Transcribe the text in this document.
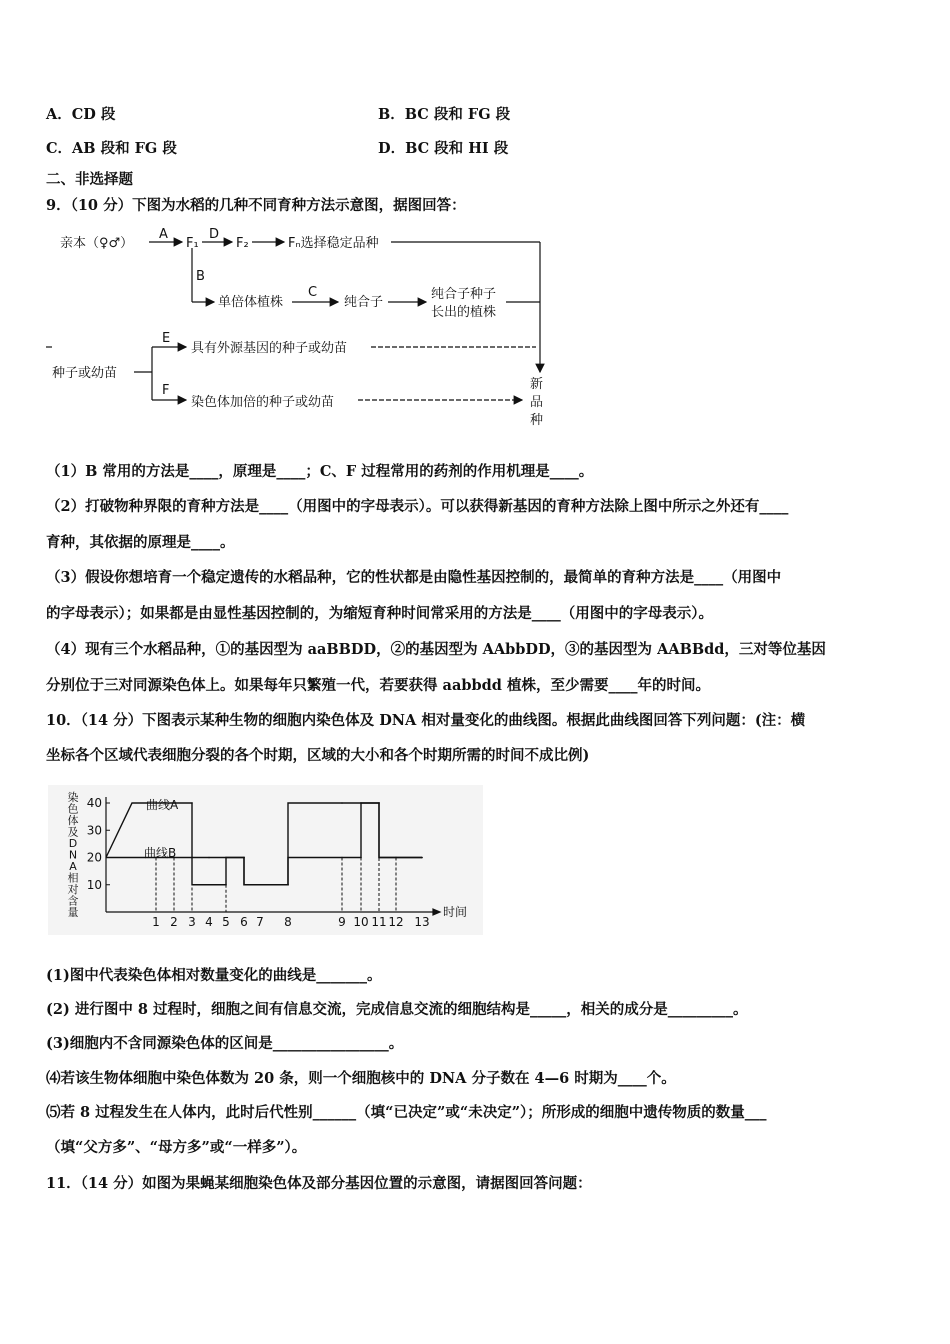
A．CD 段	B．BC 段和 FG 段
C．AB 段和 FG 段	D．BC 段和 HI 段
二、非选择题
9．（10 分）下图为水稻的几种不同育种方法示意图，据图回答：
亲本（♀♂）
A
F₁
D
F₂	Fₙ选择稳定品种
B
单倍体植株
C
纯合子
纯合子种子
长出的植株
种子或幼苗
E
具有外源基因的种子或幼苗
F
染色体加倍的种子或幼苗
新
品
种
（1）B 常用的方法是____，原理是____；C、F 过程常用的药剂的作用机理是____。
（2）打破物种界限的育种方法是____（用图中的字母表示）。可以获得新基因的育种方法除上图中所示之外还有____
育种，其依据的原理是____。
（3）假设你想培育一个稳定遗传的水稻品种，它的性状都是由隐性基因控制的，最简单的育种方法是____（用图中
的字母表示）；如果都是由显性基因控制的，为缩短育种时间常采用的方法是____（用图中的字母表示）。
（4）现有三个水稻品种，①的基因型为 aaBBDD，②的基因型为 AAbbDD，③的基因型为 AABBdd，三对等位基因
分别位于三对同源染色体上。如果每年只繁殖一代，若要获得 aabbdd 植株，至少需要____年的时间。
10．（14 分）下图表示某种生物的细胞内染色体及 DNA 相对量变化的曲线图。根据此曲线图回答下列问题：(注：横
坐标各个区域代表细胞分裂的各个时期，区域的大小和各个时期所需的时间不成比例)
染
色
体
及
D
N
A
相
对
含
量
10
20
30
40
1 2 3 4 5 6 7 8	9 10 11 12 13
时间
曲线A
曲线B
(1)图中代表染色体相对数量变化的曲线是_______。
(2) 进行图中 8 过程时，细胞之间有信息交流，完成信息交流的细胞结构是_____，相关的成分是_________。
(3)细胞内不含同源染色体的区间是________________。
⑷若该生物体细胞中染色体数为 20 条，则一个细胞核中的 DNA 分子数在 4—6 时期为____个。
⑸若 8 过程发生在人体内，此时后代性别______（填“已决定”或“未决定”）；所形成的细胞中遗传物质的数量___
（填“父方多”、“母方多”或“一样多”）。
11．（14 分）如图为果蝇某细胞染色体及部分基因位置的示意图，请据图回答问题：
